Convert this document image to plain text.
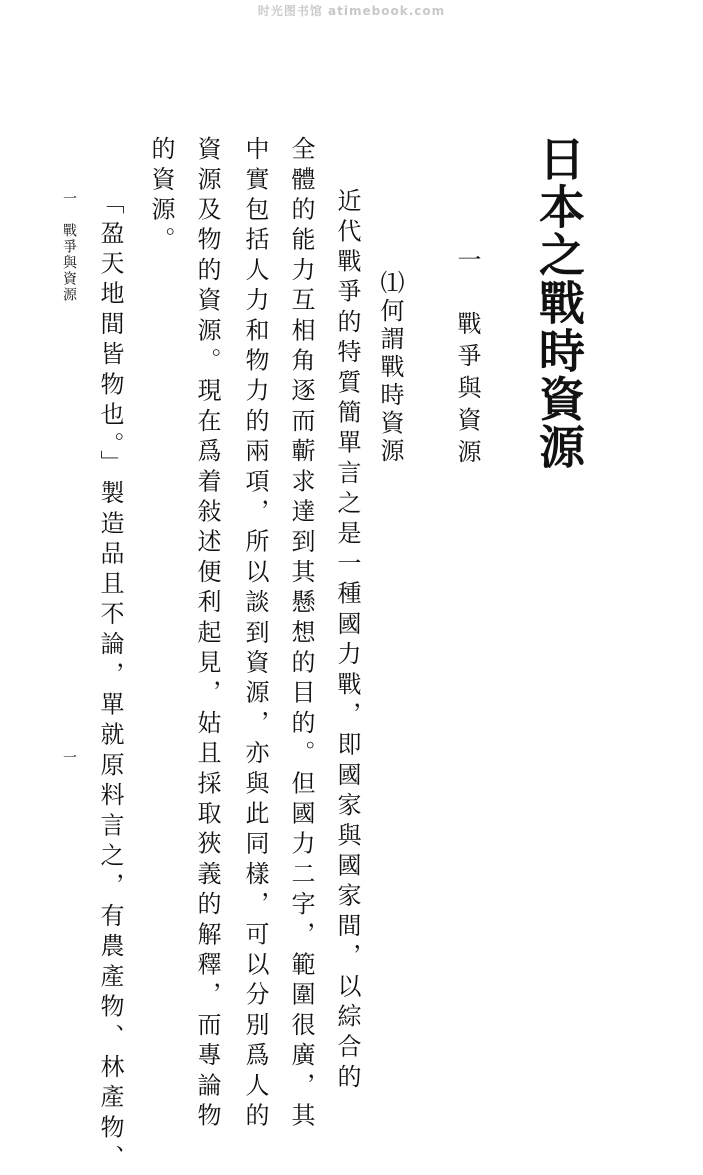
时光图书馆 atimebook.com
日本之戰時資源
一　戰爭與資源
⑴何謂戰時資源
近代戰爭的特質簡單言之是一種國力戰，即國家與國家間，以綜合的
全體的能力互相角逐而蘄求達到其懸想的目的。但國力二字，範圍很廣，其
中實包括人力和物力的兩項，所以談到資源，亦與此同樣，可以分別爲人的
資源及物的資源。現在爲着敍述便利起見，姑且採取狹義的解釋，而專論物
的資源。
「盈天地間皆物也。」製造品且不論，單就原料言之，有農產物、林產物、
一　戰爭與資源
一
